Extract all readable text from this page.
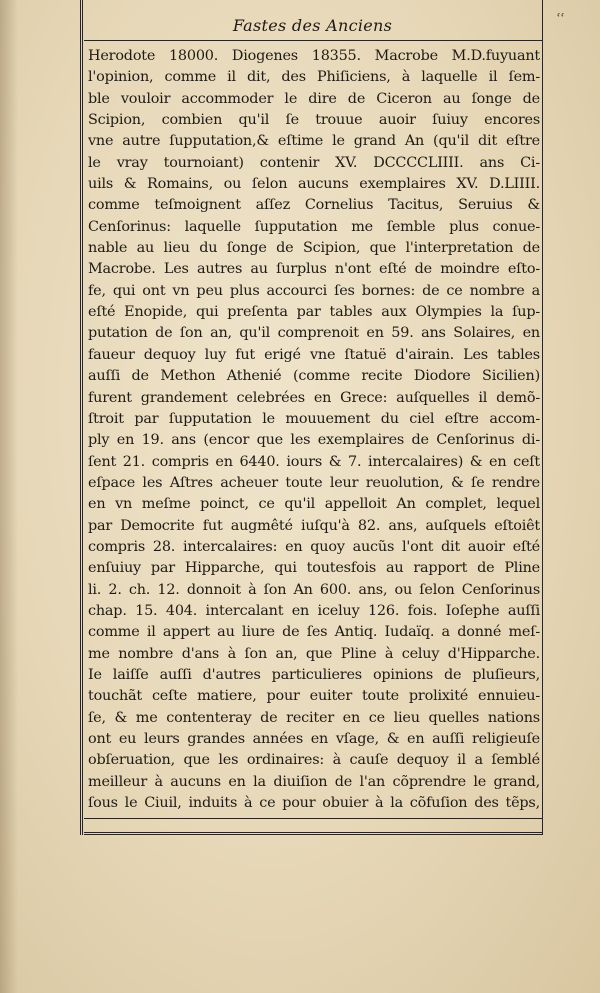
ʿʿ
Fastes des Anciens
Herodote 18000. Diogenes 18355. Macrobe M.D.fuyuant
l'opinion, comme il dit, des Phiſiciens, à laquelle il ſem-
ble vouloir accommoder le dire de Ciceron au ſonge de
Scipion, combien qu'il ſe trouue auoir ſuiuy encores
vne autre ſupputation,& eſtime le grand An (qu'il dit eſtre
le vray tournoiant) contenir XV. DCCCCLIIII. ans Ci-
uils & Romains, ou ſelon aucuns exemplaires XV. D.LIIII.
comme teſmoignent aſſez Cornelius Tacitus, Seruius &
Cenſorinus: laquelle ſupputation me ſemble plus conue-
nable au lieu du ſonge de Scipion, que l'interpretation de
Macrobe. Les autres au ſurplus n'ont eſté de moindre eſto-
fe, qui ont vn peu plus accourci ſes bornes: de ce nombre a
eſté Enopide, qui preſenta par tables aux Olympies la ſup-
putation de ſon an, qu'il comprenoit en 59. ans Solaires, en
faueur dequoy luy fut erigé vne ſtatuë d'airain. Les tables
auſſi de Methon Athenié (comme recite Diodore Sicilien)
furent grandement celebrées en Grece: auſquelles il demõ-
ſtroit par ſupputation le mouuement du ciel eſtre accom-
ply en 19. ans (encor que les exemplaires de Cenſorinus di-
ſent 21. compris en 6440. iours & 7. intercalaires) & en ceſt
eſpace les Aſtres acheuer toute leur reuolution, & ſe rendre
en vn meſme poinct, ce qu'il appelloit An complet, lequel
par Democrite fut augmêté iuſqu'à 82. ans, auſquels eſtoiêt
compris 28. intercalaires: en quoy aucũs l'ont dit auoir eſté
enſuiuy par Hipparche, qui toutesfois au rapport de Pline
li. 2. ch. 12. donnoit à ſon An 600. ans, ou ſelon Cenſorinus
chap. 15. 404. intercalant en iceluy 126. fois. Ioſephe auſſi
comme il appert au liure de ſes Antiq. Iudaïq. a donné meſ-
me nombre d'ans à ſon an, que Pline à celuy d'Hipparche.
Ie laiſſe auſſi d'autres particulieres opinions de pluſieurs,
touchãt ceſte matiere, pour euiter toute prolixité ennuieu-
ſe, & me contenteray de reciter en ce lieu quelles nations
ont eu leurs grandes années en vſage, & en auſſi religieuſe
obſeruation, que les ordinaires: à cauſe dequoy il a ſemblé
meilleur à aucuns en la diuiſion de l'an cõprendre le grand,
ſous le Ciuil, induits à ce pour obuier à la cõfuſion des tẽps,
